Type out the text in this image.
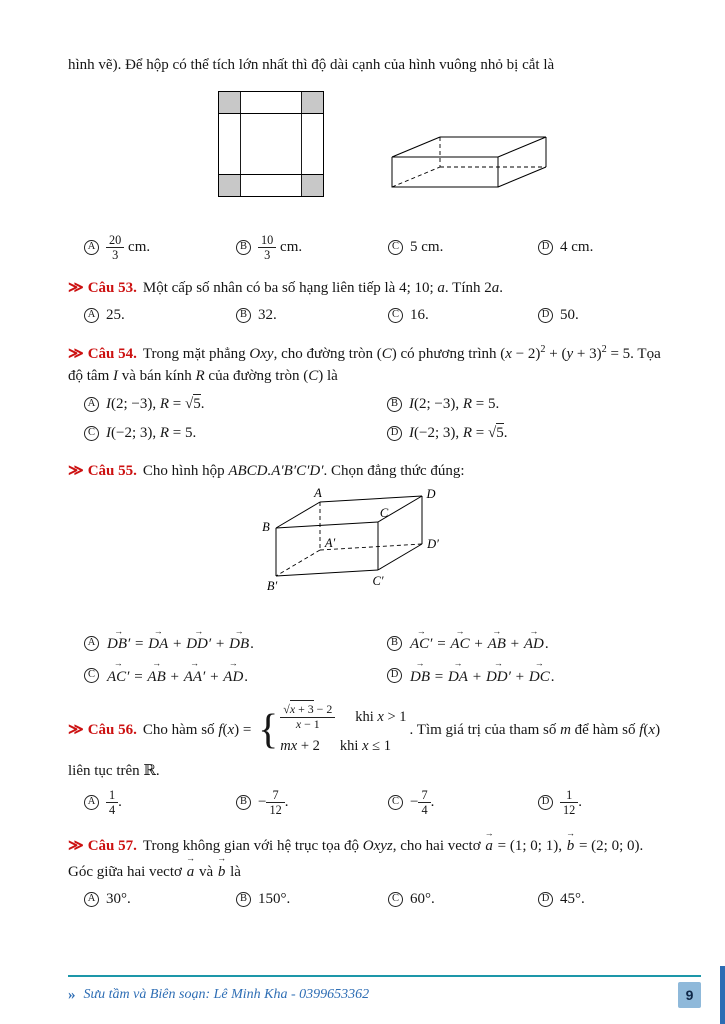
hình vẽ). Để hộp có thể tích lớn nhất thì độ dài cạnh của hình vuông nhỏ bị cắt là

A $\frac{20}{3}$ cm.	B $\frac{10}{3}$ cm.	C 5 cm.	D 4 cm.

≫ Câu 53. Một cấp số nhân có ba số hạng liên tiếp là 4; 10; a. Tính 2a.

A 25.	B 32.	C 16.	D 50.

≫ Câu 54. Trong mặt phẳng Oxy, cho đường tròn (C) có phương trình $(x - 2)^2 + (y + 3)^2 = 5$. Tọa độ tâm I và bán kính R của đường tròn (C) là

A I(2; −3), R = √5.	B I(2; −3), R = 5.
C I(−2; 3), R = 5.	D I(−2; 3), R = √5.

≫ Câu 55. Cho hình hộp ABCD.A′B′C′D′. Chọn đẳng thức đúng:

A
B
C
D
A′
B′	C′
D′
A → DB′ = → DA + → DD′ + → DB.	B → AC′ = → AC + → AB + → AD.
C → AC′ = → AB + → AA′ + → AD.	D → DB = → DA + → DD′ + → DC.

≫ Câu 56. Cho hàm số f(x) = { $\frac{√x + 3 - 2}{x - 1}$ khi x > 1
mx + 2 khi x ≤ 1
. Tìm giá trị của tham số m để hàm số f(x)

liên tục trên ℝ.

A $\frac{1}{4}$ .	$B - \frac{7}{12}$ .	$C - \frac{7}{4}$ .	D $\frac{1}{12}$ .

≫ Câu 57. Trong không gian với hệ trục tọa độ Oxyz, cho hai vectơ → a = (1; 0; 1), → b = (2; 0; 0). Góc giữa hai vectơ → a và → b là

A 30°.	B 150°.	C 60°.	D 45°.
» Sưu tầm và Biên soạn: Lê Minh Kha - 0399653362	9
